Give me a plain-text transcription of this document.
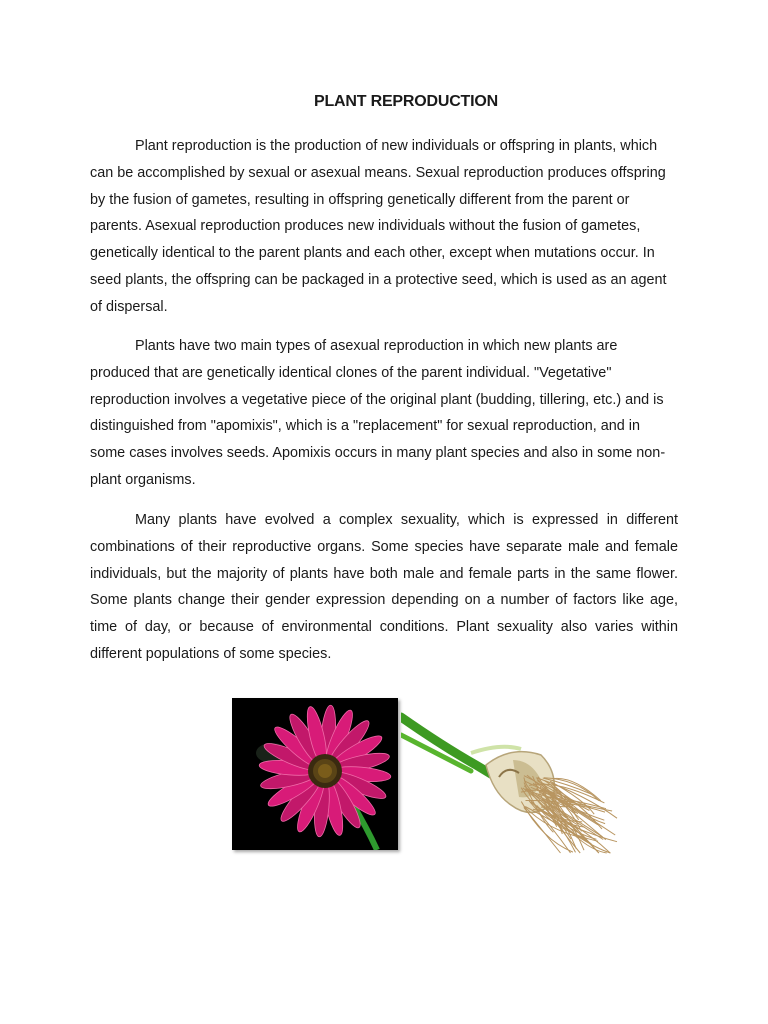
PLANT REPRODUCTION

Plant reproduction is the production of new individuals or offspring in plants, which can be accomplished by sexual or asexual means. Sexual reproduction produces offspring by the fusion of gametes, resulting in offspring genetically different from the parent or parents. Asexual reproduction produces new individuals without the fusion of gametes, genetically identical to the parent plants and each other, except when mutations occur. In seed plants, the offspring can be packaged in a protective seed, which is used as an agent of dispersal.

Plants have two main types of asexual reproduction in which new plants are produced that are genetically identical clones of the parent individual. "Vegetative" reproduction involves a vegetative piece of the original plant (budding, tillering, etc.) and is distinguished from "apomixis", which is a "replacement" for sexual reproduction, and in some cases involves seeds. Apomixis occurs in many plant species and also in some non-plant organisms.

Many plants have evolved a complex sexuality, which is expressed in different combinations of their reproductive organs. Some species have separate male and female individuals, but the majority of plants have both male and female parts in the same flower. Some plants change their gender expression depending on a number of factors like age, time of day, or because of environmental conditions. Plant sexuality also varies within different populations of some species.
